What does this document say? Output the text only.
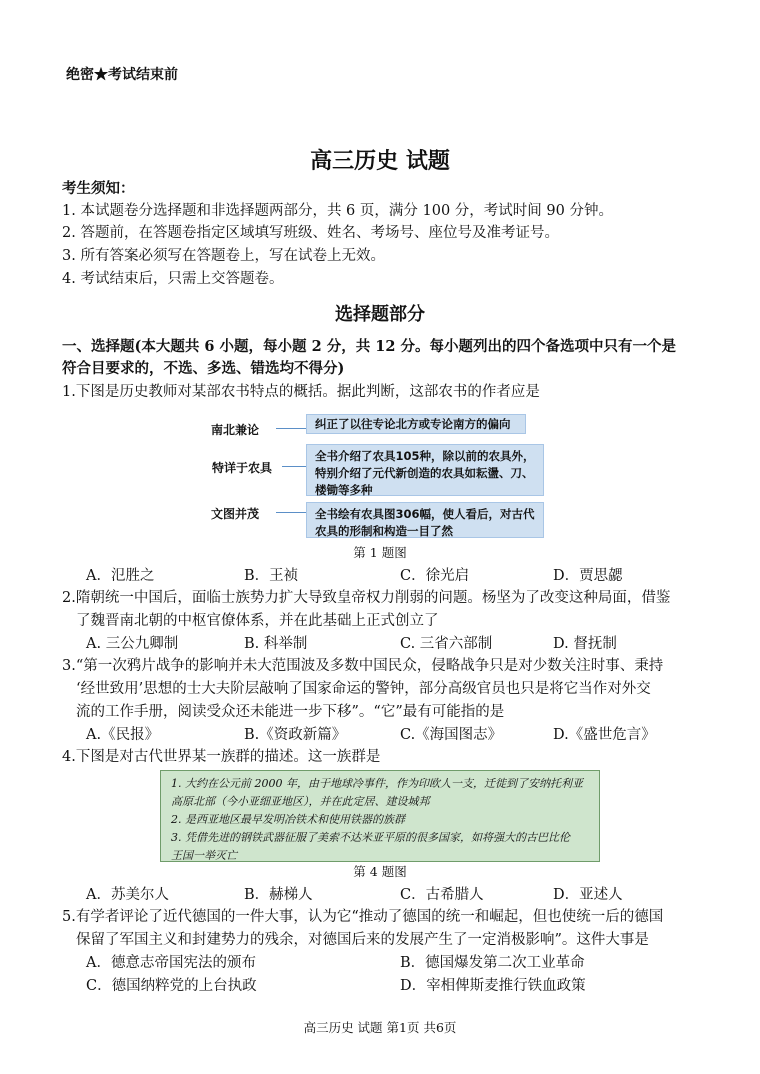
绝密★考试结束前
高三历史 试题
考生须知：
1. 本试题卷分选择题和非选择题两部分，共 6 页，满分 100 分，考试时间 90 分钟。
2. 答题前，在答题卷指定区域填写班级、姓名、考场号、座位号及准考证号。
3. 所有答案必须写在答题卷上，写在试卷上无效。
4. 考试结束后，只需上交答题卷。
选择题部分
一、选择题(本大题共 6 小题，每小题 2 分，共 12 分。每小题列出的四个备选项中只有一个是
符合目要求的，不选、多选、错选均不得分)
1.下图是历史教师对某部农书特点的概括。据此判断，这部农书的作者应是
南北兼论	纠正了以往专论北方或专论南方的偏向
特详于农具
全书介绍了农具105种，除以前的农具外，特别介绍了元代新创造的农具如耘盪、刀、楼锄等多种
文图并茂	全书绘有农具图306幅，使人看后，对古代农具的形制和构造一目了然
第 1 题图
A．氾胜之	B．王祯	C．徐光启	D．贾思勰
2.隋朝统一中国后，面临士族势力扩大导致皇帝权力削弱的问题。杨坚为了改变这种局面，借鉴
了魏晋南北朝的中枢官僚体系，并在此基础上正式创立了
A. 三公九卿制	B. 科举制	C. 三省六部制	D. 督抚制
3.“第一次鸦片战争的影响并未大范围波及多数中国民众，侵略战争只是对少数关注时事、秉持
‘经世致用’思想的士大夫阶层敲响了国家命运的警钟，部分高级官员也只是将它当作对外交
流的工作手册，阅读受众还未能进一步下移”。“它”最有可能指的是
A.《民报》	B.《资政新篇》	C.《海国图志》	D.《盛世危言》
4.下图是对古代世界某一族群的描述。这一族群是
1. 大约在公元前 2000 年，由于地球冷事件，作为印欧人一支，迁徙到了安纳托利亚
高原北部（今小亚细亚地区），并在此定居、建设城邦
2. 是西亚地区最早发明冶铁术和使用铁器的族群
3. 凭借先进的钢铁武器征服了美索不达米亚平原的很多国家，如将强大的古巴比伦
王国一举灭亡
第 4 题图
A．苏美尔人	B．赫梯人	C．古希腊人	D．亚述人
5.有学者评论了近代德国的一件大事，认为它“推动了德国的统一和崛起，但也使统一后的德国
保留了军国主义和封建势力的残余，对德国后来的发展产生了一定消极影响”。这件大事是
A．德意志帝国宪法的颁布	B．德国爆发第二次工业革命
C．德国纳粹党的上台执政	D．宰相俾斯麦推行铁血政策
高三历史 试题 第1页 共6页
